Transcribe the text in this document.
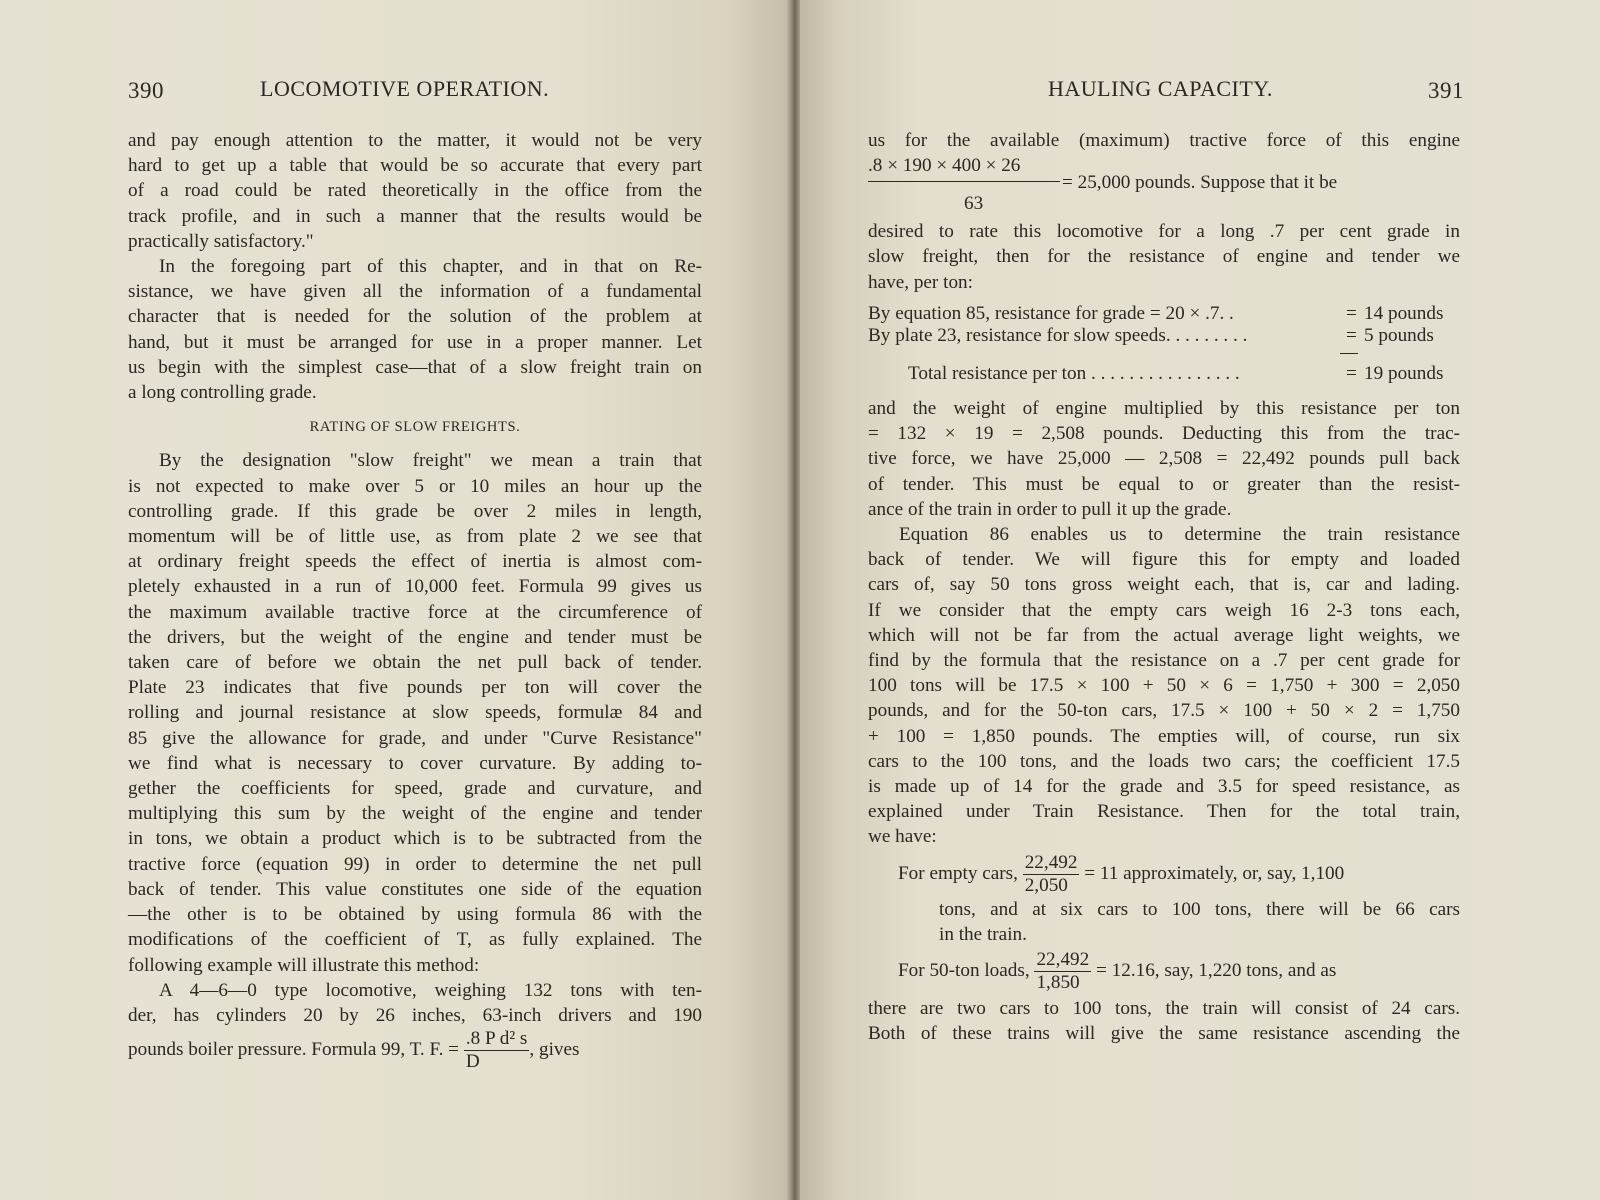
390	LOCOMOTIVE OPERATION.
and pay enough attention to the matter, it would not be very
hard to get up a table that would be so accurate that every part
of a road could be rated theoretically in the office from the
track profile, and in such a manner that the results would be
practically satisfactory."
In the foregoing part of this chapter, and in that on Re-
sistance, we have given all the information of a fundamental
character that is needed for the solution of the problem at
hand, but it must be arranged for use in a proper manner. Let
us begin with the simplest case—that of a slow freight train on
a long controlling grade.
RATING OF SLOW FREIGHTS.
By the designation "slow freight" we mean a train that
is not expected to make over 5 or 10 miles an hour up the
controlling grade. If this grade be over 2 miles in length,
momentum will be of little use, as from plate 2 we see that
at ordinary freight speeds the effect of inertia is almost com-
pletely exhausted in a run of 10,000 feet. Formula 99 gives us
the maximum available tractive force at the circumference of
the drivers, but the weight of the engine and tender must be
taken care of before we obtain the net pull back of tender.
Plate 23 indicates that five pounds per ton will cover the
rolling and journal resistance at slow speeds, formulæ 84 and
85 give the allowance for grade, and under "Curve Resistance"
we find what is necessary to cover curvature. By adding to-
gether the coefficients for speed, grade and curvature, and
multiplying this sum by the weight of the engine and tender
in tons, we obtain a product which is to be subtracted from the
tractive force (equation 99) in order to determine the net pull
back of tender. This value constitutes one side of the equation
—the other is to be obtained by using formula 86 with the
modifications of the coefficient of T, as fully explained. The
following example will illustrate this method:
A 4—6—0 type locomotive, weighing 132 tons with ten-
der, has cylinders 20 by 26 inches, 63-inch drivers and 190
pounds boiler pressure. Formula 99, T. F. = $\frac{\text{.8 P d² s}}{D}$ , gives
HAULING CAPACITY.	391
us for the available (maximum) tractive force of this engine
.8 × 190 × 400 × 26
= 25,000 pounds. Suppose that it be
63
desired to rate this locomotive for a long .7 per cent grade in
slow freight, then for the resistance of engine and tender we
have, per ton:
By equation 85, resistance for grade = 20 × .7. .	= 14 pounds
By plate 23, resistance for slow speeds. . . . . . . . .	= 5 pounds
Total resistance per ton . . . . . . . . . . . . . . . .	= 19 pounds
and the weight of engine multiplied by this resistance per ton
= 132 × 19 = 2,508 pounds. Deducting this from the trac-
tive force, we have 25,000 — 2,508 = 22,492 pounds pull back
of tender. This must be equal to or greater than the resist-
ance of the train in order to pull it up the grade.
Equation 86 enables us to determine the train resistance
back of tender. We will figure this for empty and loaded
cars of, say 50 tons gross weight each, that is, car and lading.
If we consider that the empty cars weigh 16 2-3 tons each,
which will not be far from the actual average light weights, we
find by the formula that the resistance on a .7 per cent grade for
100 tons will be 17.5 × 100 + 50 × 6 = 1,750 + 300 = 2,050
pounds, and for the 50-ton cars, 17.5 × 100 + 50 × 2 = 1,750
+ 100 = 1,850 pounds. The empties will, of course, run six
cars to the 100 tons, and the loads two cars; the coefficient 17.5
is made up of 14 for the grade and 3.5 for speed resistance, as
explained under Train Resistance. Then for the total train,
we have:
For empty cars, $\frac{22,492}{2,050} = 11$ approximately, or, say, 1,100
tons, and at six cars to 100 tons, there will be 66 cars
in the train.
For 50-ton loads, $\frac{22,492}{1,850} = 12.16$, say, 1,220 tons, and as
there are two cars to 100 tons, the train will consist of 24 cars.
Both of these trains will give the same resistance ascending the
